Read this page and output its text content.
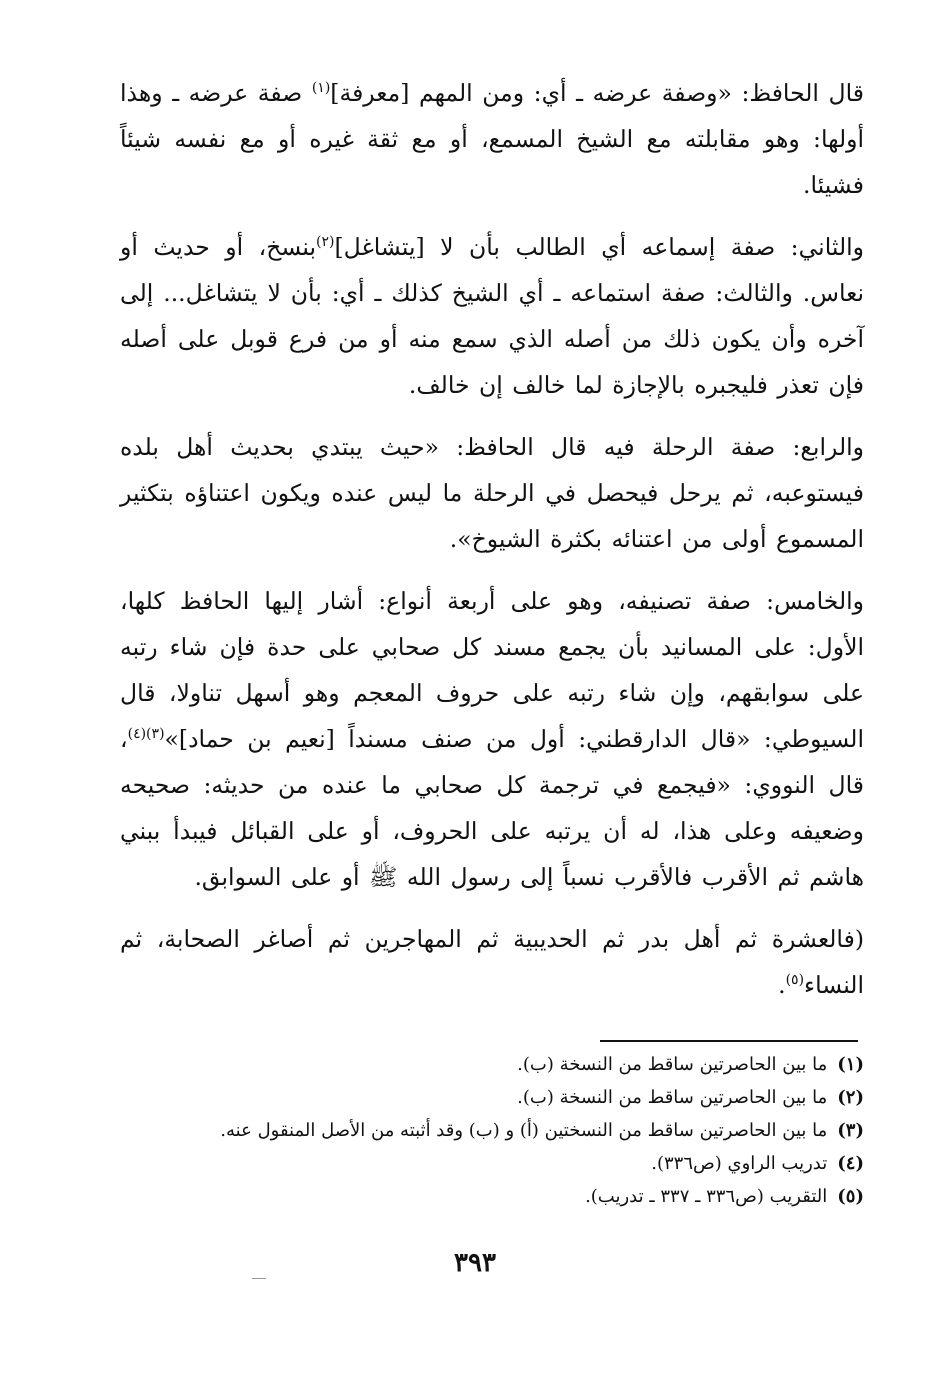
قال الحافظ: «وصفة عرضه ـ أي: ومن المهم [معرفة]$^{(١)}$ صفة عرضه ـ وهذا أولها: وهو مقابلته مع الشيخ المسمع، أو مع ثقة غيره أو مع نفسه شيئاً فشيئا.

والثاني: صفة إسماعه أي الطالب بأن لا [يتشاغل]$^{(٢)}$بنسخ، أو حديث أو نعاس. والثالث: صفة استماعه ـ أي الشيخ كذلك ـ أي: بأن لا يتشاغل... إلى آخره وأن يكون ذلك من أصله الذي سمع منه أو من فرع قوبل على أصله فإن تعذر فليجبره بالإجازة لما خالف إن خالف.

والرابع: صفة الرحلة فيه قال الحافظ: «حيث يبتدي بحديث أهل بلده فيستوعبه، ثم يرحل فيحصل في الرحلة ما ليس عنده ويكون اعتناؤه بتكثير المسموع أولى من اعتنائه بكثرة الشيوخ».

والخامس: صفة تصنيفه، وهو على أربعة أنواع: أشار إليها الحافظ كلها، الأول: على المسانيد بأن يجمع مسند كل صحابي على حدة فإن شاء رتبه على سوابقهم، وإن شاء رتبه على حروف المعجم وهو أسهل تناولا، قال السيوطي: «قال الدارقطني: أول من صنف مسنداً [نعيم بن حماد]»$^{(٣)(٤)}$، قال النووي: «فيجمع في ترجمة كل صحابي ما عنده من حديثه: صحيحه وضعيفه وعلى هذا، له أن يرتبه على الحروف، أو على القبائل فيبدأ ببني هاشم ثم الأقرب فالأقرب نسباً إلى رسول الله ﷺ أو على السوابق.

(فالعشرة ثم أهل بدر ثم الحديبية ثم المهاجرين ثم أصاغر الصحابة، ثم النساء$^{(٥)}$.

(١)ما بين الحاصرتين ساقط من النسخة (ب).
(٢)ما بين الحاصرتين ساقط من النسخة (ب).
(٣)ما بين الحاصرتين ساقط من النسختين (أ) و (ب) وقد أثبته من الأصل المنقول عنه.
(٤)تدريب الراوي (ص٣٣٦).
(٥)التقريب (ص٣٣٦ ـ ٣٣٧ ـ تدريب).
٣٩٣
